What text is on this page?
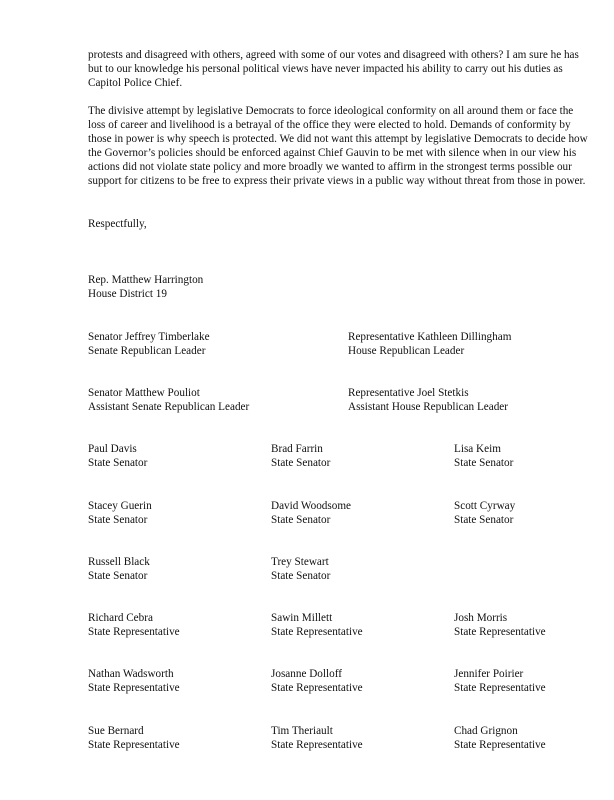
protests and disagreed with others, agreed with some of our votes and disagreed with others? I am sure he has but to our knowledge his personal political views have never impacted his ability to carry out his duties as Capitol Police Chief.

The divisive attempt by legislative Democrats to force ideological conformity on all around them or face the loss of career and livelihood is a betrayal of the office they were elected to hold. Demands of conformity by those in power is why speech is protected. We did not want this attempt by legislative Democrats to decide how the Governor’s policies should be enforced against Chief Gauvin to be met with silence when in our view his actions did not violate state policy and more broadly we wanted to affirm in the strongest terms possible our support for citizens to be free to express their private views in a public way without threat from those in power.

Respectfully,

Rep. Matthew Harrington
House District 19
Senator Jeffrey Timberlake
Senate Republican Leader
Representative Kathleen Dillingham
House Republican Leader
Senator Matthew Pouliot
Assistant Senate Republican Leader
Representative Joel Stetkis
Assistant House Republican Leader
Paul Davis
State Senator
Brad Farrin
State Senator
Lisa Keim
State Senator
Stacey Guerin
State Senator
David Woodsome
State Senator
Scott Cyrway
State Senator
Russell Black
State Senator
Trey Stewart
State Senator
Richard Cebra
State Representative
Sawin Millett
State Representative
Josh Morris
State Representative
Nathan Wadsworth
State Representative
Josanne Dolloff
State Representative
Jennifer Poirier
State Representative
Sue Bernard
State Representative
Tim Theriault
State Representative
Chad Grignon
State Representative
